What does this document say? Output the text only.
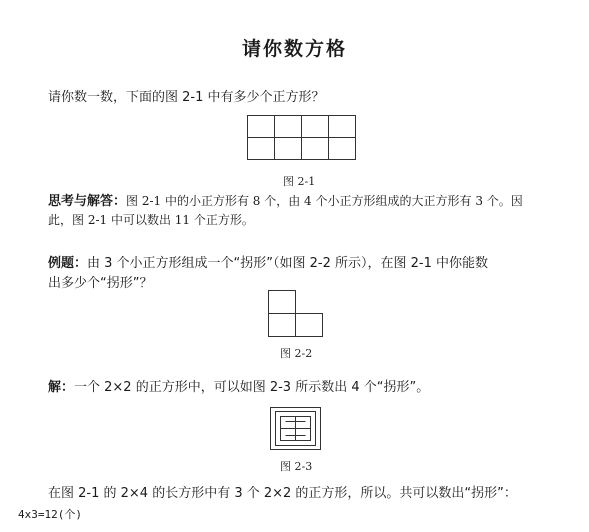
请你数方格
请你数一数，下面的图 2-1 中有多少个正方形？
图 2-1
思考与解答：图 2-1 中的小正方形有 8 个，由 4 个小正方形组成的大正方形有 3 个。因
此，图 2-1 中可以数出 11 个正方形。
例题：由 3 个小正方形组成一个“拐形”（如图 2-2 所示），在图 2-1 中你能数
出多少个“拐形”？
图 2-2
解：一个 2×2 的正方形中，可以如图 2-3 所示数出 4 个“拐形”。
图 2-3
在图 2-1 的 2×4 的长方形中有 3 个 2×2 的正方形，所以。共可以数出“拐形”：
4x3=12(个)
